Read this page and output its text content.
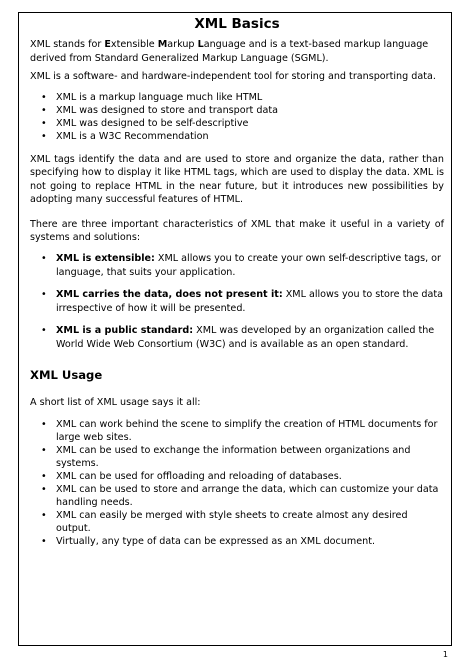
XML Basics

XML stands for Extensible Markup Language and is a text-based markup language derived from Standard Generalized Markup Language (SGML).

XML is a software- and hardware-independent tool for storing and transporting data.

• XML is a markup language much like HTML
• XML was designed to store and transport data
• XML was designed to be self-descriptive
• XML is a W3C Recommendation

XML tags identify the data and are used to store and organize the data, rather than specifying how to display it like HTML tags, which are used to display the data. XML is not going to replace HTML in the near future, but it introduces new possibilities by adopting many successful features of HTML.

There are three important characteristics of XML that make it useful in a variety of systems and solutions:

• XML is extensible: XML allows you to create your own self-descriptive tags, or language, that suits your application.
• XML carries the data, does not present it: XML allows you to store the data irrespective of how it will be presented.
• XML is a public standard: XML was developed by an organization called the World Wide Web Consortium (W3C) and is available as an open standard.
XML Usage

A short list of XML usage says it all:

• XML can work behind the scene to simplify the creation of HTML documents for large web sites.
• XML can be used to exchange the information between organizations and systems.
• XML can be used for offloading and reloading of databases.
• XML can be used to store and arrange the data, which can customize your data handling needs.
• XML can easily be merged with style sheets to create almost any desired output.
• Virtually, any type of data can be expressed as an XML document.
1
